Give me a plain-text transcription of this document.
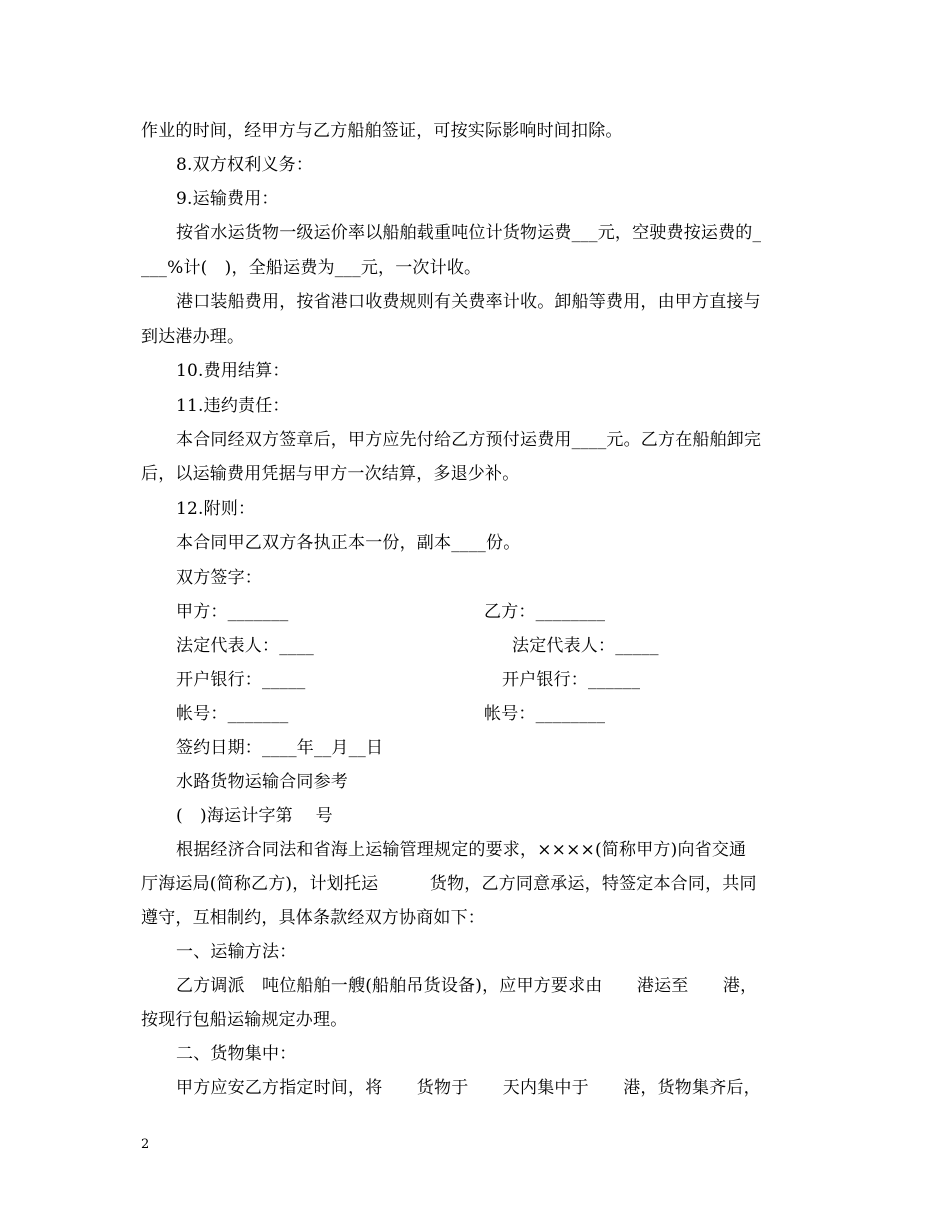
作业的时间，经甲方与乙方船舶签证，可按实际影响时间扣除。
8.双方权利义务：
9.运输费用：
按省水运货物一级运价率以船舶载重吨位计货物运费___元，空驶费按运费的_
___%计(　)，全船运费为___元，一次计收。
港口装船费用，按省港口收费规则有关费率计收。卸船等费用，由甲方直接与
到达港办理。
10.费用结算：
11.违约责任：
本合同经双方签章后，甲方应先付给乙方预付运费用____元。乙方在船舶卸完
后，以运输费用凭据与甲方一次结算，多退少补。
12.附则：
本合同甲乙双方各执正本一份，副本____份。
双方签字：
甲方：_______	乙方：________
法定代表人：____	法定代表人：_____
开户银行：_____	开户银行：______
帐号：_______	帐号：________
签约日期：____年__月__日
水路货物运输合同参考
(　)海运计字第　 号
根据经济合同法和省海上运输管理规定的要求，××××(简称甲方)向省交通
厅海运局(简称乙方)，计划托运　　　货物，乙方同意承运，特签定本合同，共同
遵守，互相制约，具体条款经双方协商如下：
一、运输方法：
乙方调派　吨位船舶一艘(船舶吊货设备)，应甲方要求由　　港运至　　港，
按现行包船运输规定办理。
二、货物集中：
甲方应安乙方指定时间，将　　货物于　　天内集中于　　港，货物集齐后，
2
